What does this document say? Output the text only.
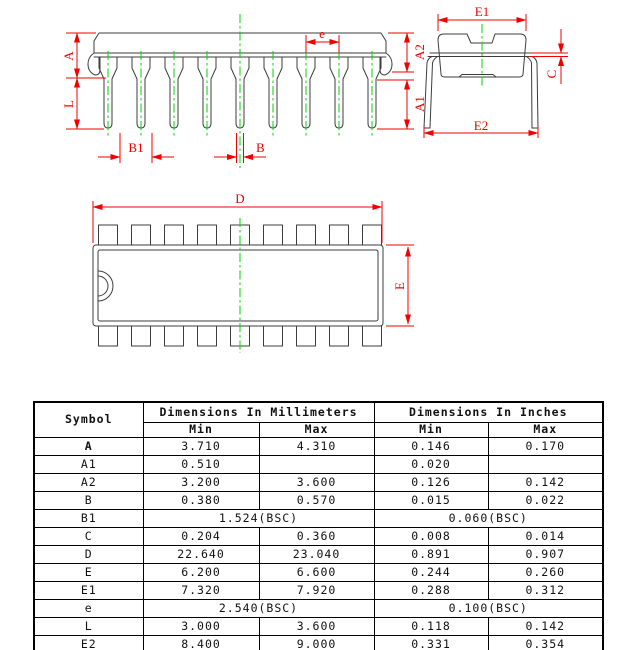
A
L
A2
A1
e
B1	B
E1
E2
C
D
E
Symbol	Dimensions In Millimeters		Dimensions In Inches	
	Min	Max	Min	Max
A	3.710	4.310	0.146	0.170
A1	0.510		0.020	
A2	3.200	3.600	0.126	0.142
B	0.380	0.570	0.015	0.022
B1	1.524(BSC)		0.060(BSC)	
C	0.204	0.360	0.008	0.014
D	22.640	23.040	0.891	0.907
E	6.200	6.600	0.244	0.260
E1	7.320	7.920	0.288	0.312
e	2.540(BSC)		0.100(BSC)	
L	3.000	3.600	0.118	0.142
E2	8.400	9.000	0.331	0.354
